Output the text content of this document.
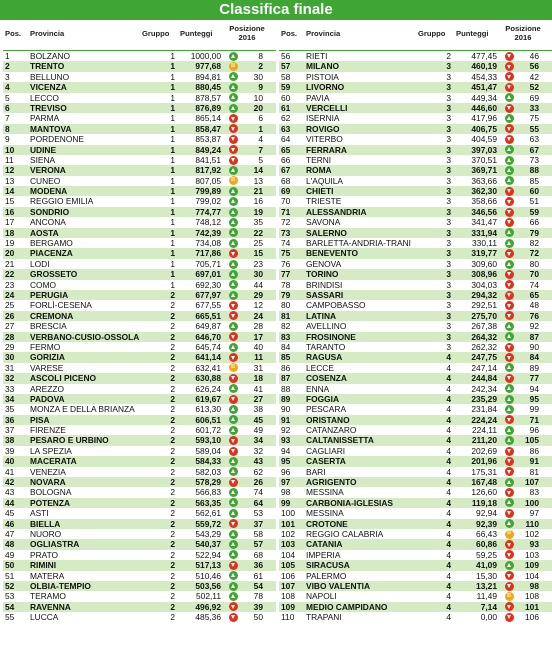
Classifica finale
Pos. Provincia	Gruppo Punteggi
Posizione
2016
1	BOLZANO	1	1000,00	8
2	TRENTO	1	977,68 =	2
3	BELLUNO	1	894,81	30
4	VICENZA	1	880,45	9
5	LECCO	1	878,57	10
6	TREVISO	1	876,89	20
7	PARMA	1	865,14	6
8	MANTOVA	1	858,47	1
9	PORDENONE	1	853,87	4
10	UDINE	1	849,24	7
11	SIENA	1	841,51	5
12	VERONA	1	817,92	14
13	CUNEO	1	807,05 =	13
14	MODENA	1	799,89	21
15	REGGIO EMILIA	1	799,02	16
16	SONDRIO	1	774,77	19
17	ANCONA	1	748,12	35
18	AOSTA	1	742,39	22
19	BERGAMO	1	734,08	25
20	PIACENZA	1	717,86	15
21	LODI	1	705,71	23
22	GROSSETO	1	697,01	30
23	COMO	1	692,30	44
24	PERUGIA	2	677,97	29
25	FORLÌ-CESENA	2	677,55	12
26	CREMONA	2	665,51	24
27	BRESCIA	2	649,87	28
28	VERBANO-CUSIO-OSSOLA	2	646,70	17
29	FERMO	2	645,74	40
30	GORIZIA	2	641,14	11
31	VARESE	2	632,41 =	31
32	ASCOLI PICENO	2	630,88	18
33	AREZZO	2	626,24	41
34	PADOVA	2	619,67	27
35	MONZA E DELLA BRIANZA	2	613,30	38
36	PISA	2	606,51	45
37	FIRENZE	2	601,72	49
38	PESARO E URBINO	2	593,10	34
39	LA SPEZIA	2	589,04	32
40	MACERATA	2	584,33	43
41	VENEZIA	2	582,03	62
42	NOVARA	2	578,29	26
43	BOLOGNA	2	566,83	74
44	POTENZA	2	563,35	64
45	ASTI	2	562,61	53
46	BIELLA	2	559,72	37
47	NUORO	2	543,29	58
48	OGLIASTRA	2	540,37	57
49	PRATO	2	522,94	68
50	RIMINI	2	517,13	36
51	MATERA	2	510,46	61
52	OLBIA-TEMPIO	2	503,56	54
53	TERAMO	2	502,11	78
54	RAVENNA	2	496,92	39
55	LUCCA	2	485,36	50
Pos. Provincia	Gruppo Punteggi
Posizione
2016
56	RIETI	2	477,45	46
57	MILANO	3	460,19	56
58	PISTOIA	3	454,33	42
59	LIVORNO	3	451,47	52
60	PAVIA	3	449,34	69
61	VERCELLI	3	446,60	33
62	ISERNIA	3	417,96	75
63	ROVIGO	3	406,75	55
64	VITERBO	3	404,59	63
65	FERRARA	3	397,03	67
66	TERNI	3	370,51	73
67	ROMA	3	369,71	88
68	L'AQUILA	3	363,66	85
69	CHIETI	3	362,30	60
70	TRIESTE	3	358,66	51
71	ALESSANDRIA	3	346,56	59
72	SAVONA	3	341,47	66
73	SALERNO	3	331,94	79
74	BARLETTA-ANDRIA-TRANI	3	330,11	82
75	BENEVENTO	3	319,77	72
76	GENOVA	3	309,60	80
77	TORINO	3	308,96	70
78	BRINDISI	3	304,03	74
79	SASSARI	3	294,32	65
80	CAMPOBASSO	3	292,51	48
81	LATINA	3	275,70	76
82	AVELLINO	3	267,38	92
83	FROSINONE	3	264,32	87
84	TARANTO	3	262,32	90
85	RAGUSA	4	247,75	84
86	LECCE	4	247,14	89
87	COSENZA	4	244,84	77
88	ENNA	4	242,34	94
89	FOGGIA	4	235,29	95
90	PESCARA	4	231,84	99
91	ORISTANO	4	224,24	71
92	CATANZARO	4	224,11	96
93	CALTANISSETTA	4	211,20	105
94	CAGLIARI	4	202,69	86
95	CASERTA	4	201,96	91
96	BARI	4	175,31	81
97	AGRIGENTO	4	167,48	107
98	MESSINA	4	126,60	83
99	CARBONIA-IGLESIAS	4	119,18	100
100	MESSINA	4	92,94	97
101	CROTONE	4	92,39	110
102	REGGIO CALABRIA	4	66,43 =	102
103	CATANIA	4	60,86	93
104	IMPERIA	4	59,25	103
105	SIRACUSA	4	41,09	109
106	PALERMO	4	15,30	104
107	VIBO VALENTIA	4	13,21	98
108	NAPOLI	4	11,49 =	108
109	MEDIO CAMPIDANO	4	7,14	101
110	TRAPANI	4	0,00	106
